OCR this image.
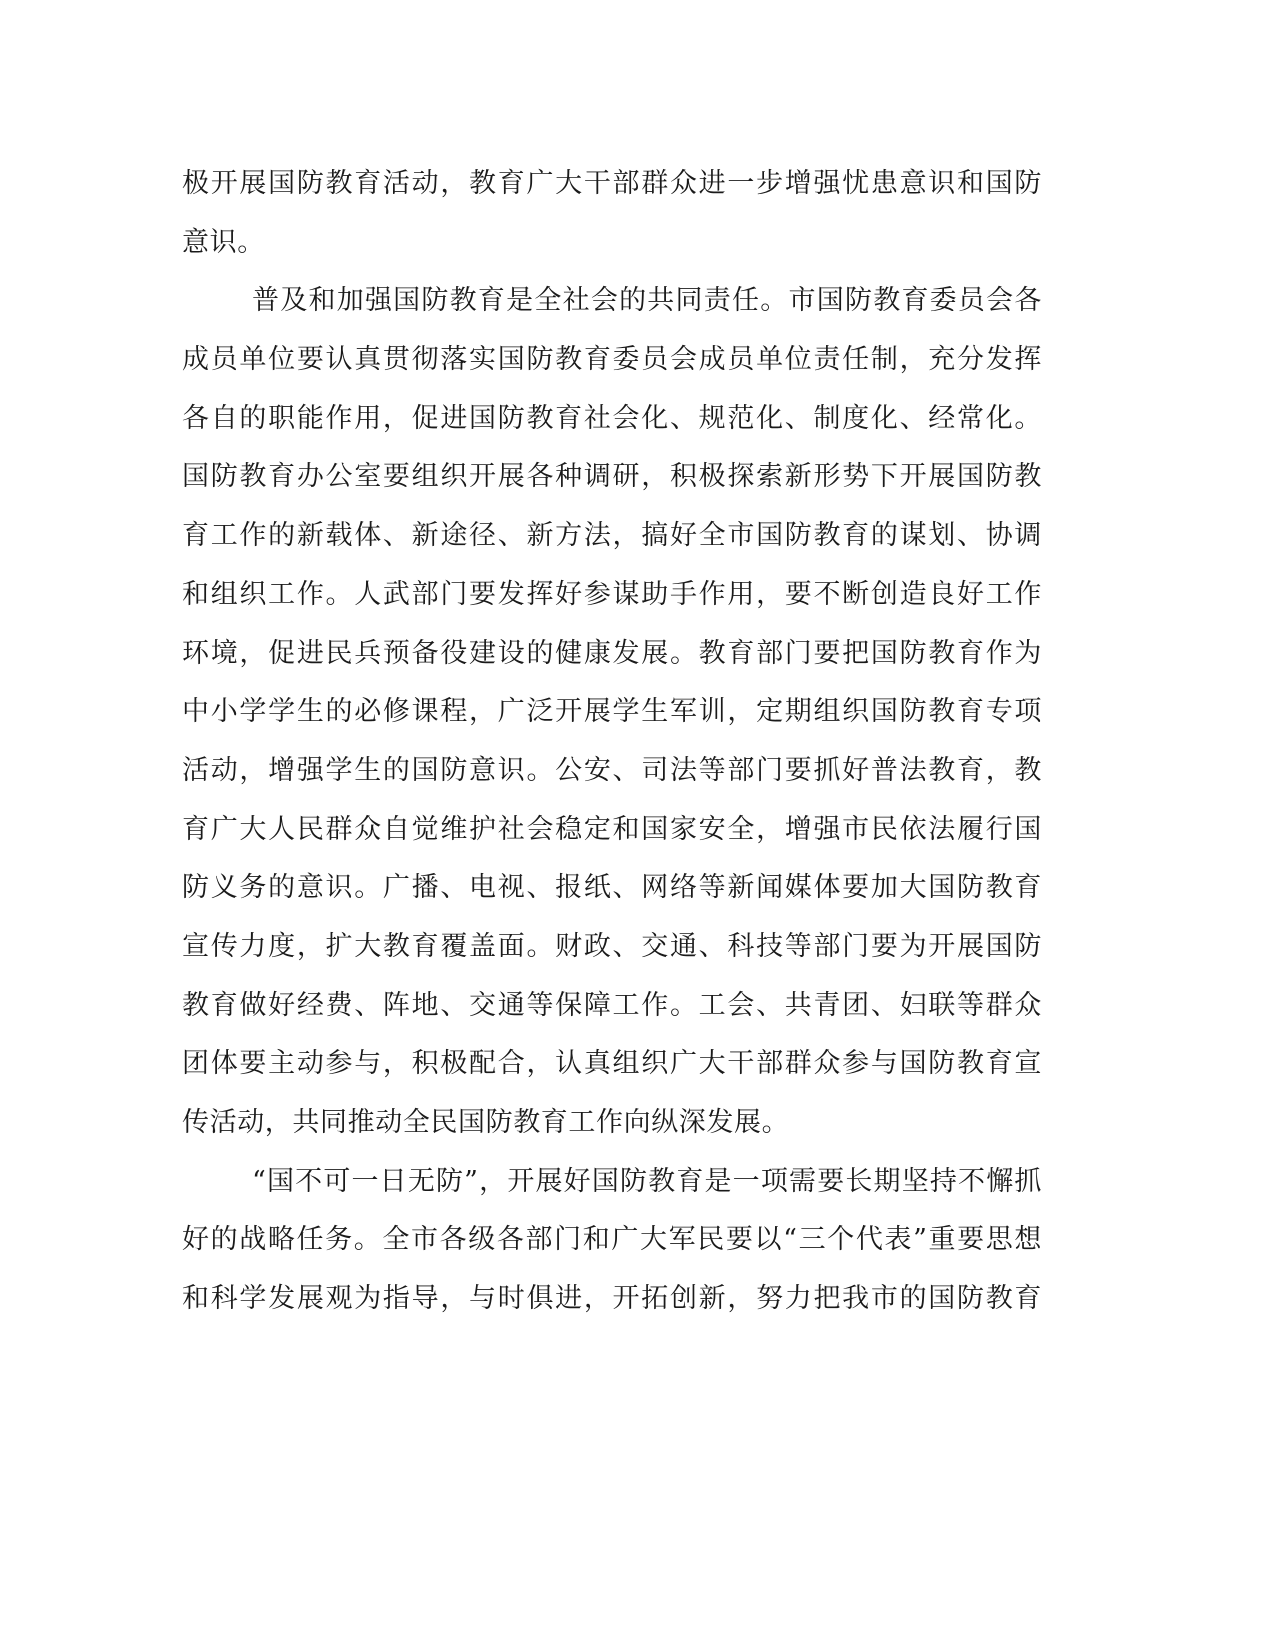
极开展国防教育活动，教育广大干部群众进一步增强忧患意识和国防
意识。
普及和加强国防教育是全社会的共同责任。市国防教育委员会各
成员单位要认真贯彻落实国防教育委员会成员单位责任制，充分发挥
各自的职能作用，促进国防教育社会化、规范化、制度化、经常化。
国防教育办公室要组织开展各种调研，积极探索新形势下开展国防教
育工作的新载体、新途径、新方法，搞好全市国防教育的谋划、协调
和组织工作。人武部门要发挥好参谋助手作用，要不断创造良好工作
环境，促进民兵预备役建设的健康发展。教育部门要把国防教育作为
中小学学生的必修课程，广泛开展学生军训，定期组织国防教育专项
活动，增强学生的国防意识。公安、司法等部门要抓好普法教育，教
育广大人民群众自觉维护社会稳定和国家安全，增强市民依法履行国
防义务的意识。广播、电视、报纸、网络等新闻媒体要加大国防教育
宣传力度，扩大教育覆盖面。财政、交通、科技等部门要为开展国防
教育做好经费、阵地、交通等保障工作。工会、共青团、妇联等群众
团体要主动参与，积极配合，认真组织广大干部群众参与国防教育宣
传活动，共同推动全民国防教育工作向纵深发展。
“国不可一日无防”，开展好国防教育是一项需要长期坚持不懈抓
好的战略任务。全市各级各部门和广大军民要以“三个代表”重要思想
和科学发展观为指导，与时俱进，开拓创新，努力把我市的国防教育
